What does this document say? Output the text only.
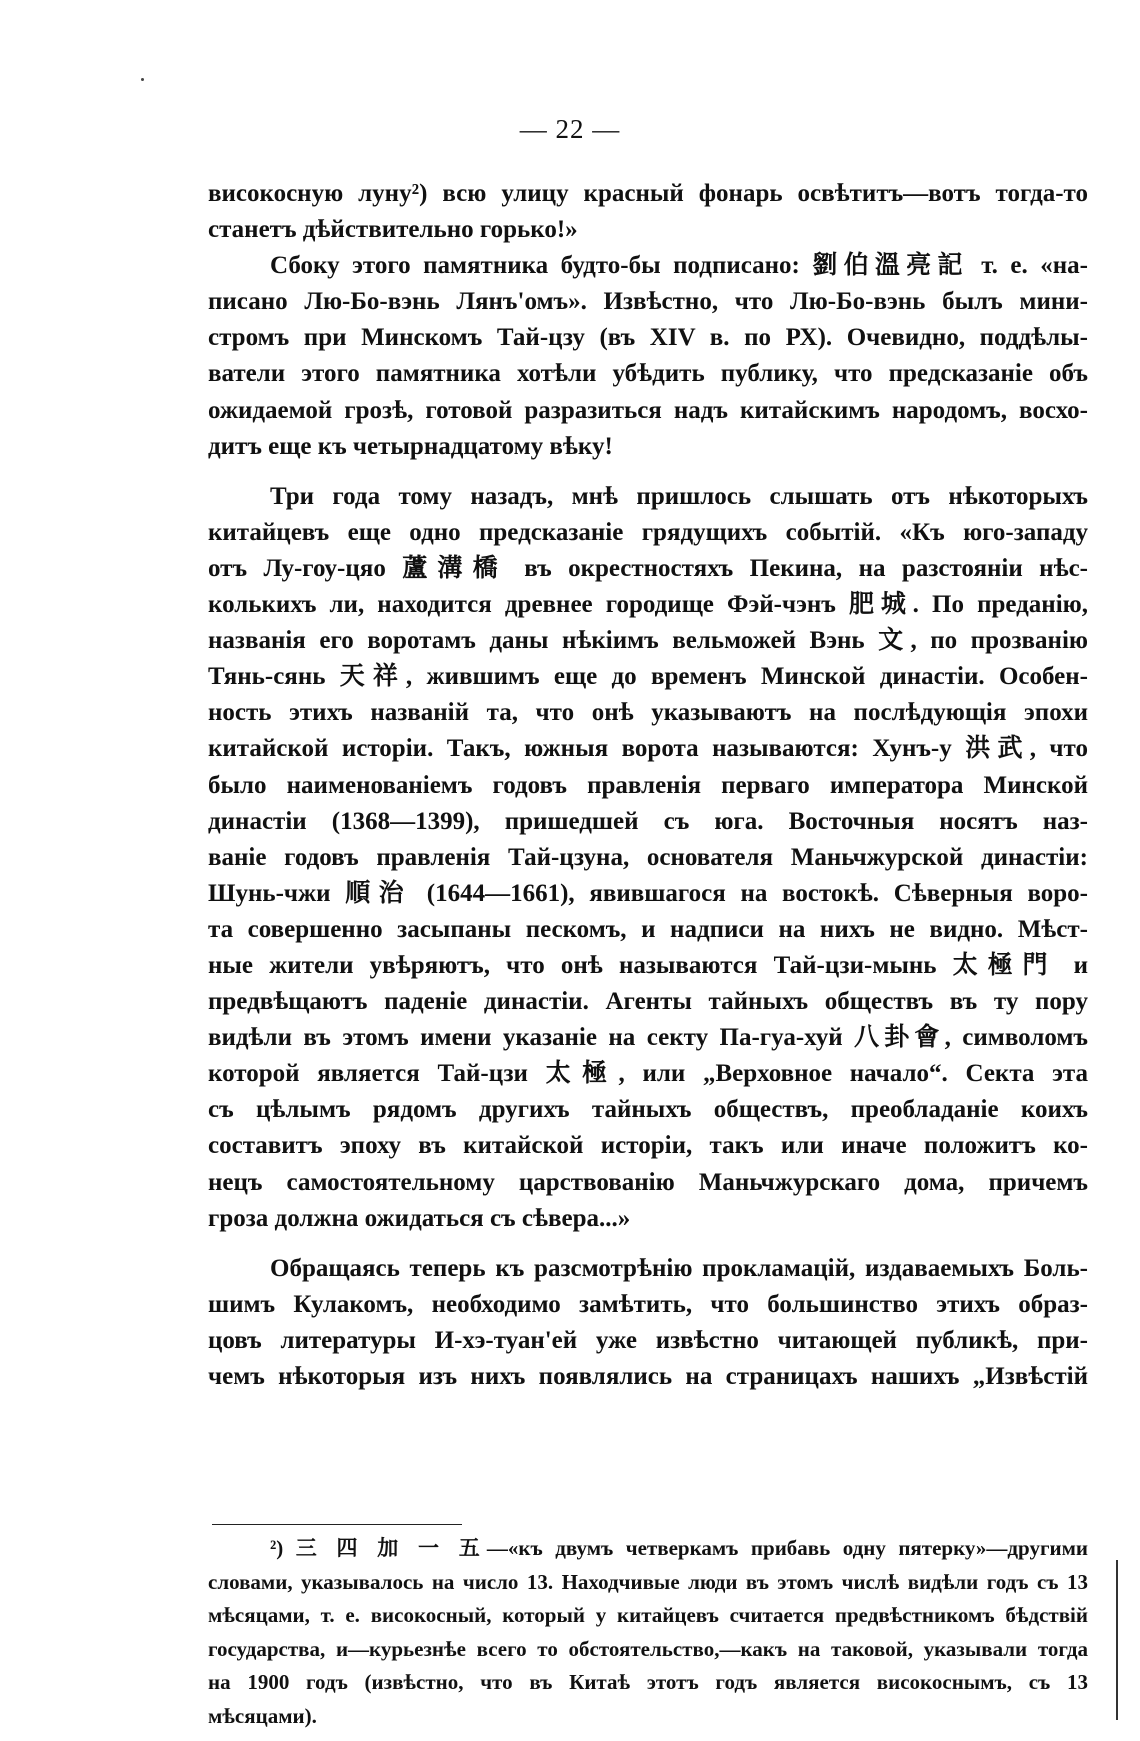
— 22 —
високосную луну²) всю улицу красный фонарь освѣтитъ—вотъ тогда-то
станетъ дѣйствительно горько!»
Сбоку этого памятника будто-бы подписано: 劉伯溫亮記 т. е. «на-
писано Лю-Бо-вэнь Лянъ'омъ». Извѣстно, что Лю-Бо-вэнь былъ мини-
стромъ при Минскомъ Тай-цзу (въ XIV в. по РХ). Очевидно, поддѣлы-
ватели этого памятника хотѣли убѣдить публику, что предсказаніе объ
ожидаемой грозѣ, готовой разразиться надъ китайскимъ народомъ, восхо-
дитъ еще къ четырнадцатому вѣку!
Три года тому назадъ, мнѣ пришлось слышать отъ нѣкоторыхъ
китайцевъ еще одно предсказаніе грядущихъ событій. «Къ юго-западу
отъ Лу-гоу-цяо 蘆溝橋 въ окрестностяхъ Пекина, на разстояніи нѣс-
колькихъ ли, находится древнее городище Фэй-чэнъ 肥城. По преданію,
названія его воротамъ даны нѣкіимъ вельможей Вэнь 文, по прозванію
Тянь-сянь 天祥, жившимъ еще до временъ Минской династіи. Особен-
ность этихъ названій та, что онѣ указываютъ на послѣдующія эпохи
китайской исторіи. Такъ, южныя ворота называются: Хунъ-у 洪武, что
было наименованіемъ годовъ правленія перваго императора Минской
династіи (1368—1399), пришедшей съ юга. Восточныя носятъ наз-
ваніе годовъ правленія Тай-цзуна, основателя Маньчжурской династіи:
Шунь-чжи 順治 (1644—1661), явившагося на востокѣ. Сѣверныя воро-
та совершенно засыпаны пескомъ, и надписи на нихъ не видно. Мѣст-
ные жители увѣряютъ, что онѣ называются Тай-цзи-мынь 太極門 и
предвѣщаютъ паденіе династіи. Агенты тайныхъ обществъ въ ту пору
видѣли въ этомъ имени указаніе на секту Па-гуа-хуй 八卦會, символомъ
которой является Тай-цзи 太極, или „Верховное начало“. Секта эта
съ цѣлымъ рядомъ другихъ тайныхъ обществъ, преобладаніе коихъ
составитъ эпоху въ китайской исторіи, такъ или иначе положитъ ко-
нецъ самостоятельному царствованію Маньчжурскаго дома, причемъ
гроза должна ожидаться съ сѣвера...»
Обращаясь теперь къ разсмотрѣнію прокламацій, издаваемыхъ Боль-
шимъ Кулакомъ, необходимо замѣтить, что большинство этихъ образ-
цовъ литературы И-хэ-туан'ей уже извѣстно читающей публикѣ, при-
чемъ нѣкоторыя изъ нихъ появлялись на страницахъ нашихъ „Извѣстій
²) 三 四 加 一 五—«къ двумъ четверкамъ прибавь одну пятерку»—другими
словами, указывалось на число 13. Находчивые люди въ этомъ числѣ видѣли годъ съ 13
мѣсяцами, т. е. високосный, который у китайцевъ считается предвѣстникомъ бѣдствій
государства, и—курьезнѣе всего то обстоятельство,—какъ на таковой, указывали тогда
на 1900 годъ (извѣстно, что въ Китаѣ этотъ годъ является високоснымъ, съ 13
мѣсяцами).
